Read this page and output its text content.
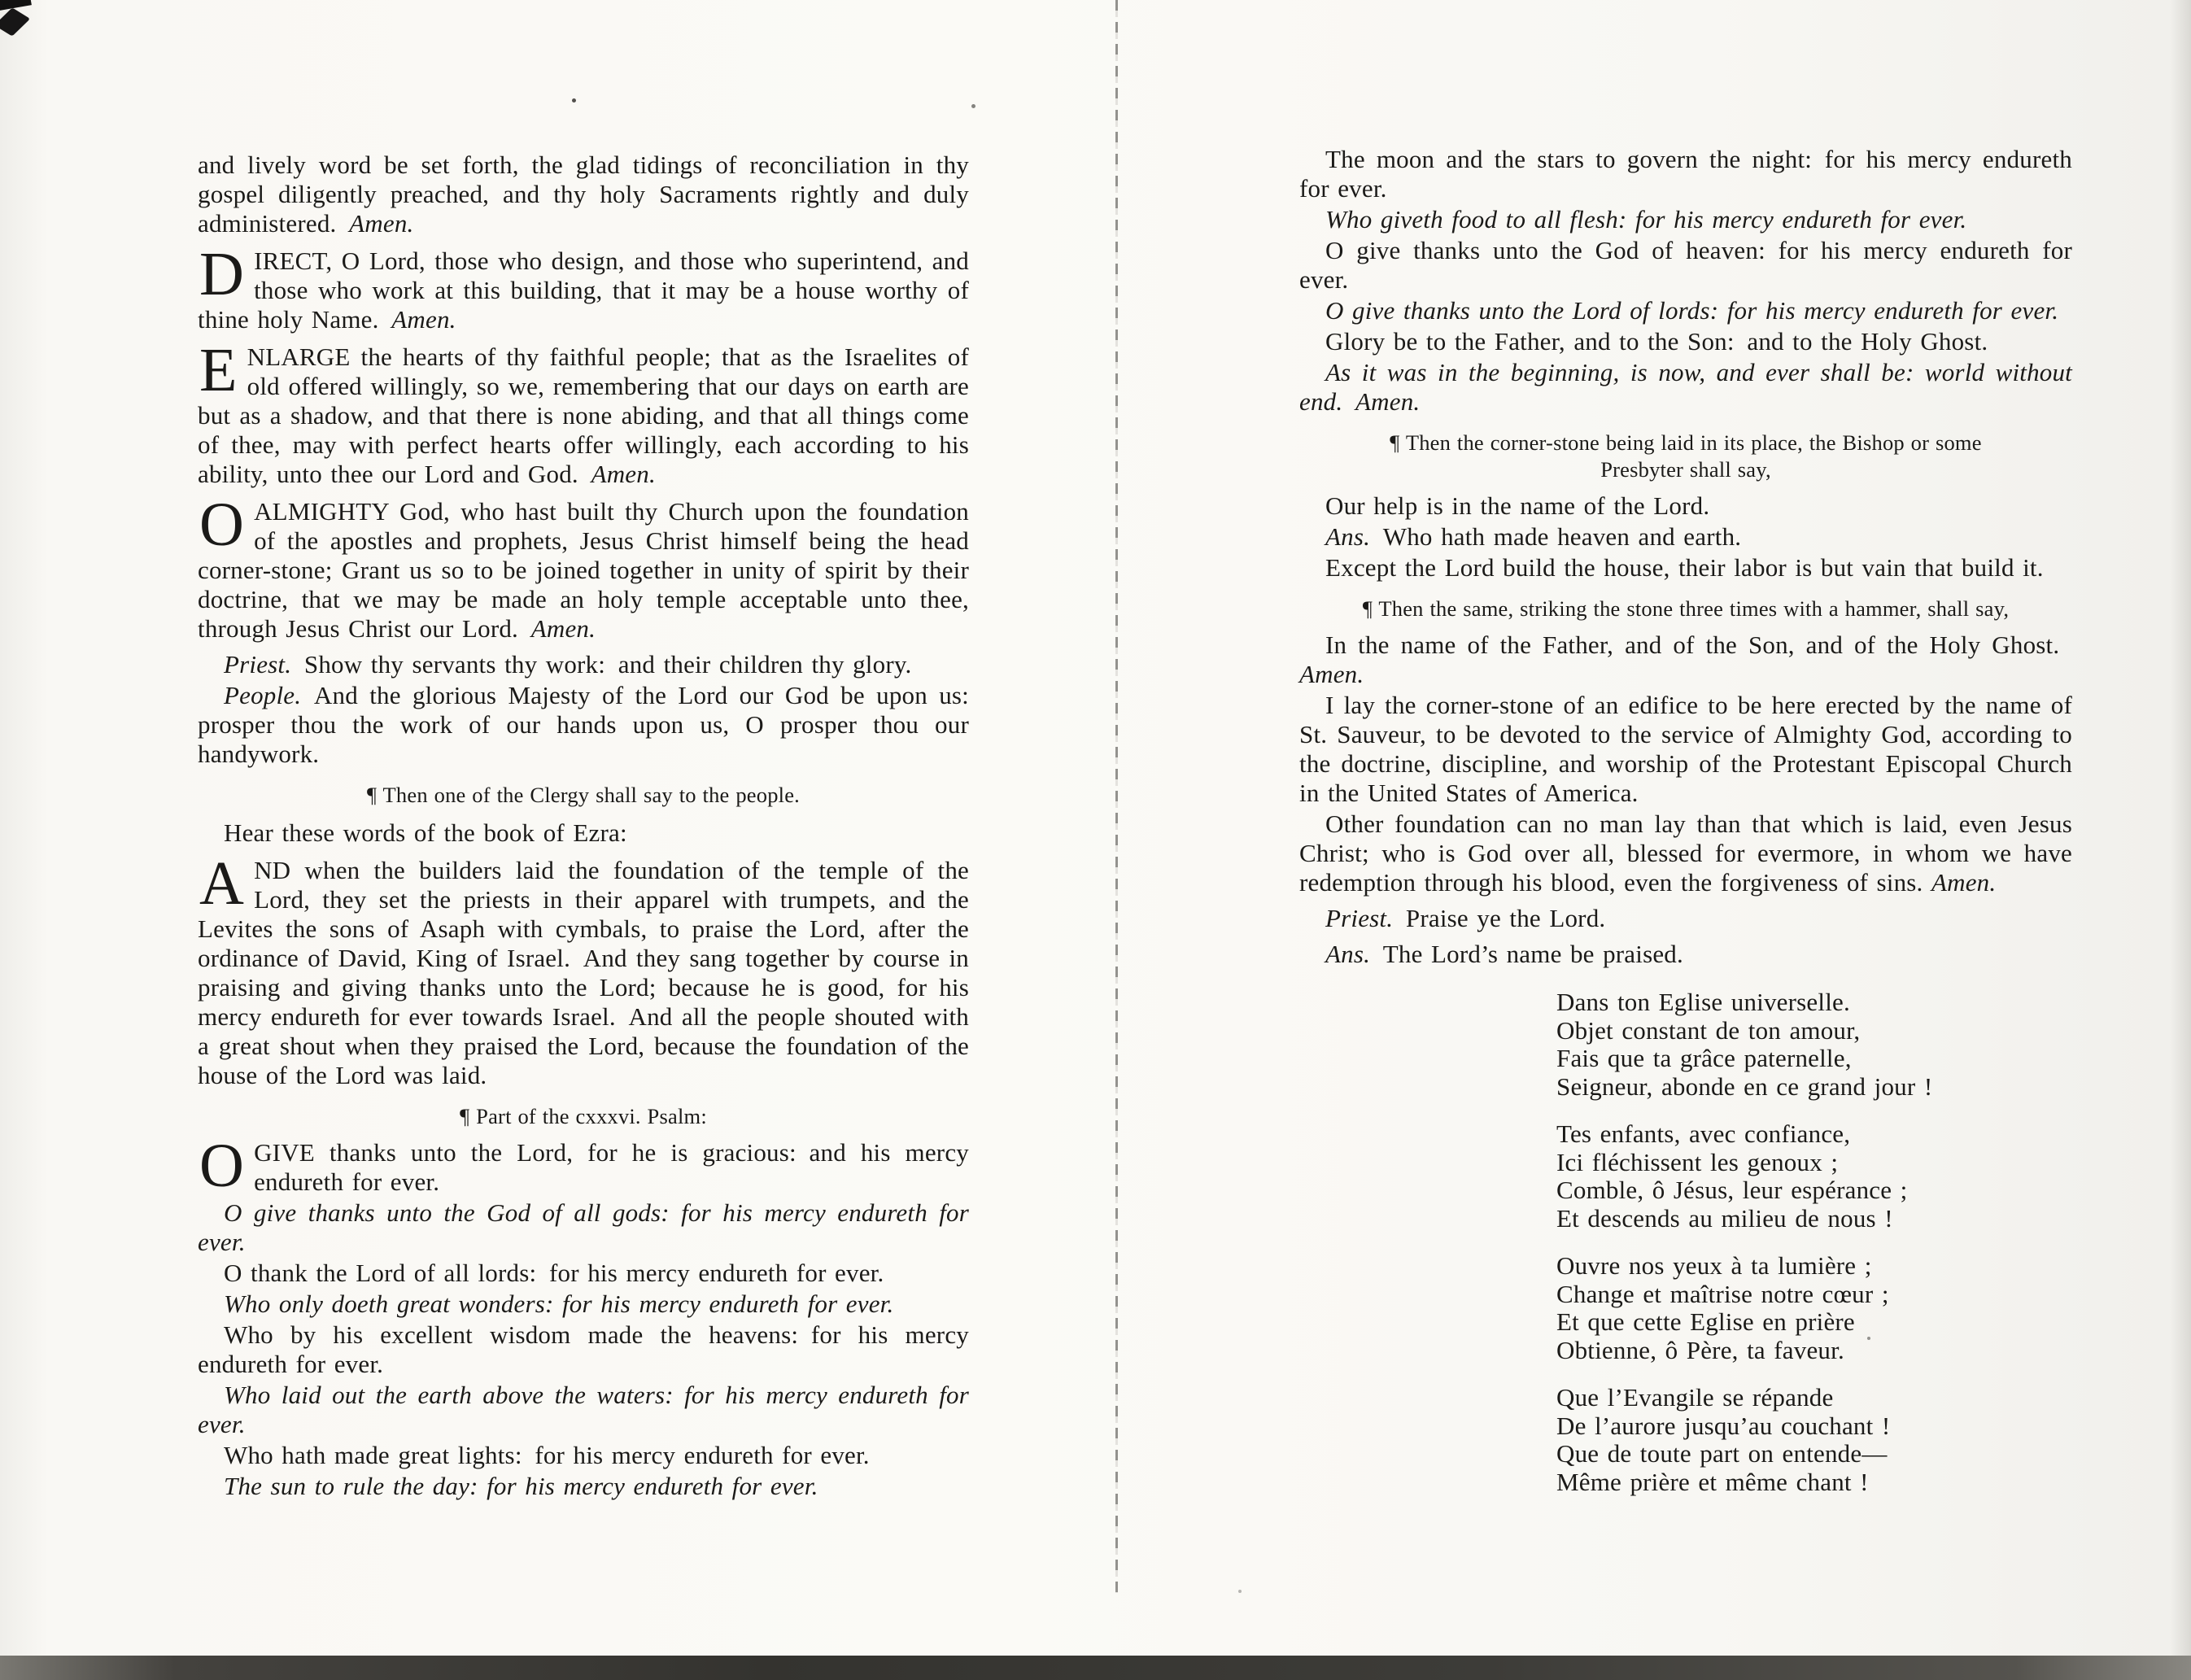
and lively word be set forth, the glad tidings of reconciliation in thy gospel diligently preached, and thy holy Sacraments rightly and duly administered. Amen.

DIRECT, O Lord, those who design, and those who superintend, and those who work at this building, that it may be a house worthy of thine holy Name. Amen.

ENLARGE the hearts of thy faithful people; that as the Israelites of old offered willingly, so we, remembering that our days on earth are but as a shadow, and that there is none abiding, and that all things come of thee, may with perfect hearts offer willingly, each according to his ability, unto thee our Lord and God. Amen.

OALMIGHTY God, who hast built thy Church upon the foundation of the apostles and prophets, Jesus Christ himself being the head corner-stone; Grant us so to be joined together in unity of spirit by their doctrine, that we may be made an holy temple acceptable unto thee, through Jesus Christ our Lord. Amen.

Priest. Show thy servants thy work: and their children thy glory.

People. And the glorious Majesty of the Lord our God be upon us: prosper thou the work of our hands upon us, O prosper thou our handywork.

¶ Then one of the Clergy shall say to the people.

Hear these words of the book of Ezra:

AND when the builders laid the foundation of the temple of the Lord, they set the priests in their apparel with trumpets, and the Levites the sons of Asaph with cymbals, to praise the Lord, after the ordinance of David, King of Israel. And they sang together by course in praising and giving thanks unto the Lord; because he is good, for his mercy endureth for ever towards Israel. And all the people shouted with a great shout when they praised the Lord, because the foundation of the house of the Lord was laid.

¶ Part of the cxxxvi. Psalm:

OGIVE thanks unto the Lord, for he is gracious: and his mercy endureth for ever.

O give thanks unto the God of all gods: for his mercy endureth for ever.

O thank the Lord of all lords: for his mercy endureth for ever.

Who only doeth great wonders: for his mercy endureth for ever.

Who by his excellent wisdom made the heavens: for his mercy endureth for ever.

Who laid out the earth above the waters: for his mercy endureth for ever.

Who hath made great lights: for his mercy endureth for ever.

The sun to rule the day: for his mercy endureth for ever.

The moon and the stars to govern the night: for his mercy endureth for ever.

Who giveth food to all flesh: for his mercy endureth for ever.

O give thanks unto the God of heaven: for his mercy endureth for ever.

O give thanks unto the Lord of lords: for his mercy endureth for ever.

Glory be to the Father, and to the Son: and to the Holy Ghost.

As it was in the beginning, is now, and ever shall be: world without end. Amen.

¶ Then the corner-stone being laid in its place, the Bishop or some Presbyter shall say,

Our help is in the name of the Lord.

Ans. Who hath made heaven and earth.

Except the Lord build the house, their labor is but vain that build it.

¶ Then the same, striking the stone three times with a hammer, shall say,

In the name of the Father, and of the Son, and of the Holy Ghost. Amen.

I lay the corner-stone of an edifice to be here erected by the name of St. Sauveur, to be devoted to the service of Almighty God, according to the doctrine, discipline, and worship of the Protestant Episcopal Church in the United States of America.

Other foundation can no man lay than that which is laid, even Jesus Christ; who is God over all, blessed for evermore, in whom we have redemption through his blood, even the forgiveness of sins. Amen.

Priest. Praise ye the Lord.

Ans. The Lord’s name be praised.

Dans ton Eglise universelle.
Objet constant de ton amour,
Fais que ta grâce paternelle,
Seigneur, abonde en ce grand jour !
Tes enfants, avec confiance,
Ici fléchissent les genoux ;
Comble, ô Jésus, leur espérance ;
Et descends au milieu de nous !
Ouvre nos yeux à ta lumière ;
Change et maîtrise notre cœur ;
Et que cette Eglise en prière
Obtienne, ô Père, ta faveur.
Que l’Evangile se répande
De l’aurore jusqu’au couchant !
Que de toute part on entende—
Même prière et même chant !
